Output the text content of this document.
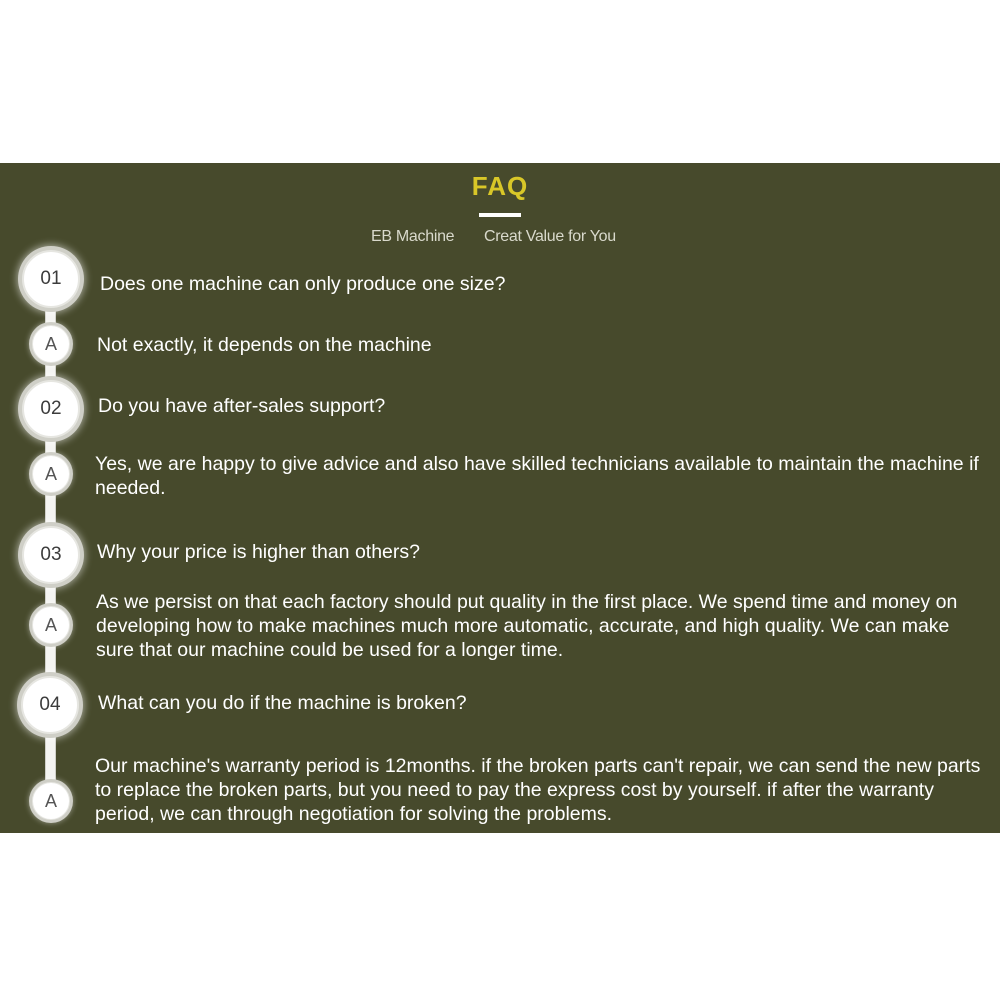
FAQ
EB Machine Creat Value for You
01	Does one machine can only produce one size?
A	Not exactly, it depends on the machine
02	Do you have after-sales support?
A	Yes, we are happy to give advice and also have skilled technicians available to maintain the machine if needed.
03	Why your price is higher than others?
A
As we persist on that each factory should put quality in the first place. We spend time and money on developing how to make machines much more automatic, accurate, and high quality. We can make sure that our machine could be used for a longer time.
04	What can you do if the machine is broken?
A
Our machine's warranty period is 12months. if the broken parts can't repair, we can send the new parts to replace the broken parts, but you need to pay the express cost by yourself. if after the warranty period, we can through negotiation for solving the problems.
